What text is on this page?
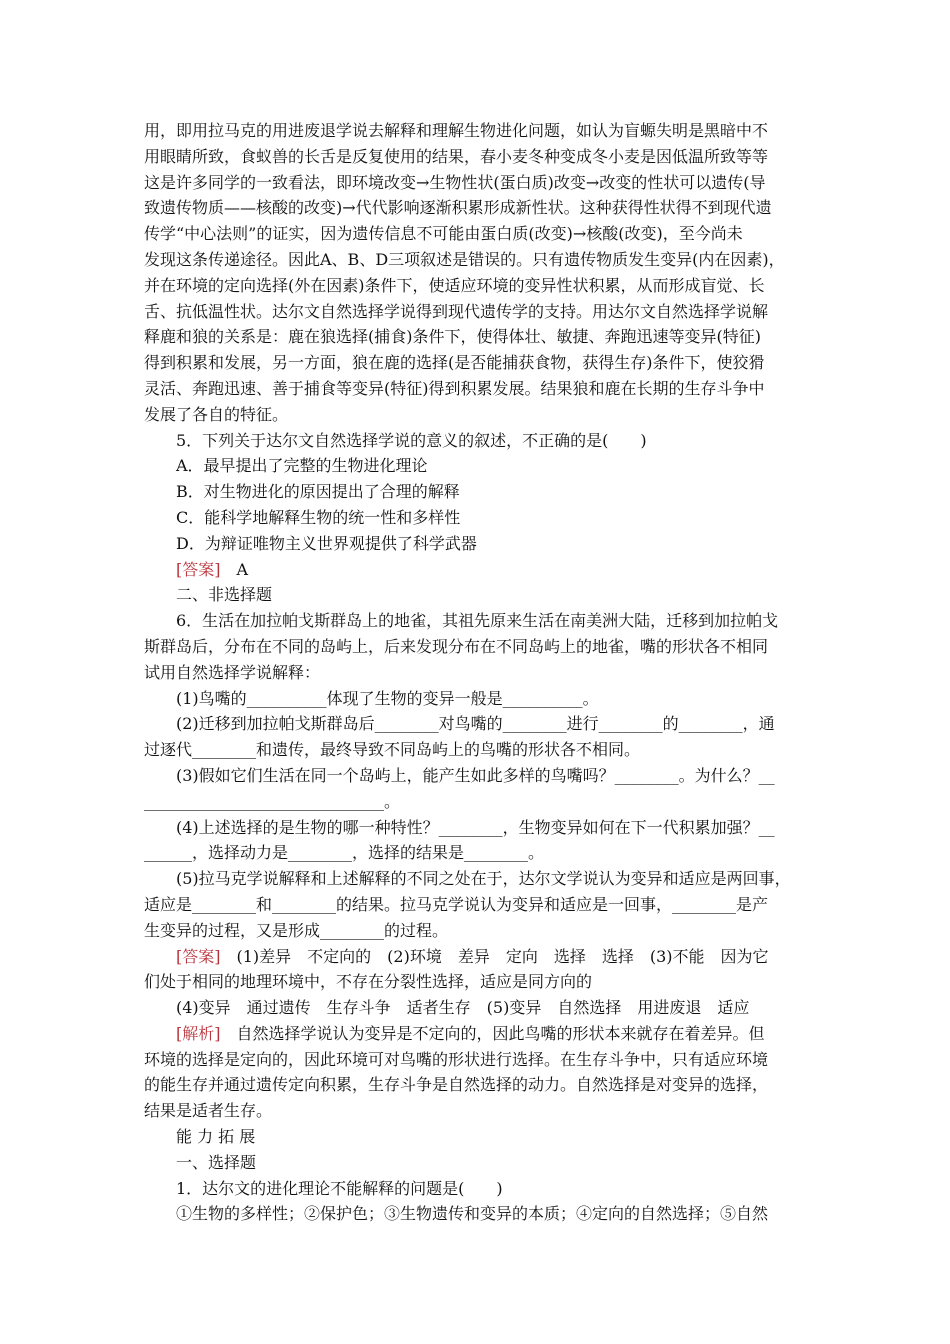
用，即用拉马克的用进废退学说去解释和理解生物进化问题，如认为盲螈失明是黑暗中不
用眼睛所致，食蚁兽的长舌是反复使用的结果，春小麦冬种变成冬小麦是因低温所致等等
这是许多同学的一致看法，即环境改变→生物性状(蛋白质)改变→改变的性状可以遗传(导
致遗传物质——核酸的改变)→代代影响逐渐积累形成新性状。这种获得性状得不到现代遗
传学“中心法则”的证实，因为遗传信息不可能由蛋白质(改变)→核酸(改变)，至今尚未
发现这条传递途径。因此A、B、D三项叙述是错误的。只有遗传物质发生变异(内在因素)，
并在环境的定向选择(外在因素)条件下，使适应环境的变异性状积累，从而形成盲觉、长
舌、抗低温性状。达尔文自然选择学说得到现代遗传学的支持。用达尔文自然选择学说解
释鹿和狼的关系是：鹿在狼选择(捕食)条件下，使得体壮、敏捷、奔跑迅速等变异(特征)
得到积累和发展，另一方面，狼在鹿的选择(是否能捕获食物，获得生存)条件下，使狡猾
灵活、奔跑迅速、善于捕食等变异(特征)得到积累发展。结果狼和鹿在长期的生存斗争中
发展了各自的特征。
5．下列关于达尔文自然选择学说的意义的叙述，不正确的是(　　)
A．最早提出了完整的生物进化理论
B．对生物进化的原因提出了合理的解释
C．能科学地解释生物的统一性和多样性
D．为辩证唯物主义世界观提供了科学武器
[答案]　A
二、非选择题
6．生活在加拉帕戈斯群岛上的地雀，其祖先原来生活在南美洲大陆，迁移到加拉帕戈
斯群岛后，分布在不同的岛屿上，后来发现分布在不同岛屿上的地雀，嘴的形状各不相同
试用自然选择学说解释：
(1)鸟嘴的__________体现了生物的变异一般是__________。
(2)迁移到加拉帕戈斯群岛后________对鸟嘴的________进行________的________，通
过逐代________和遗传，最终导致不同岛屿上的鸟嘴的形状各不相同。
(3)假如它们生活在同一个岛屿上，能产生如此多样的鸟嘴吗？________。为什么？__
______________________________。
(4)上述选择的是生物的哪一种特性？________，生物变异如何在下一代积累加强？__
______，选择动力是________，选择的结果是________。
(5)拉马克学说解释和上述解释的不同之处在于，达尔文学说认为变异和适应是两回事，
适应是________和________的结果。拉马克学说认为变异和适应是一回事，________是产
生变异的过程，又是形成________的过程。
[答案]　(1)差异　不定向的　(2)环境　差异　定向　选择　选择　(3)不能　因为它
们处于相同的地理环境中，不存在分裂性选择，适应是同方向的
(4)变异　通过遗传　生存斗争　适者生存　(5)变异　自然选择　用进废退　适应
[解析]　自然选择学说认为变异是不定向的，因此鸟嘴的形状本来就存在着差异。但
环境的选择是定向的，因此环境可对鸟嘴的形状进行选择。在生存斗争中，只有适应环境
的能生存并通过遗传定向积累，生存斗争是自然选择的动力。自然选择是对变异的选择，
结果是适者生存。
能 力 拓 展
一、选择题
1．达尔文的进化理论不能解释的问题是(　　)
①生物的多样性；②保护色；③生物遗传和变异的本质；④定向的自然选择；⑤自然
